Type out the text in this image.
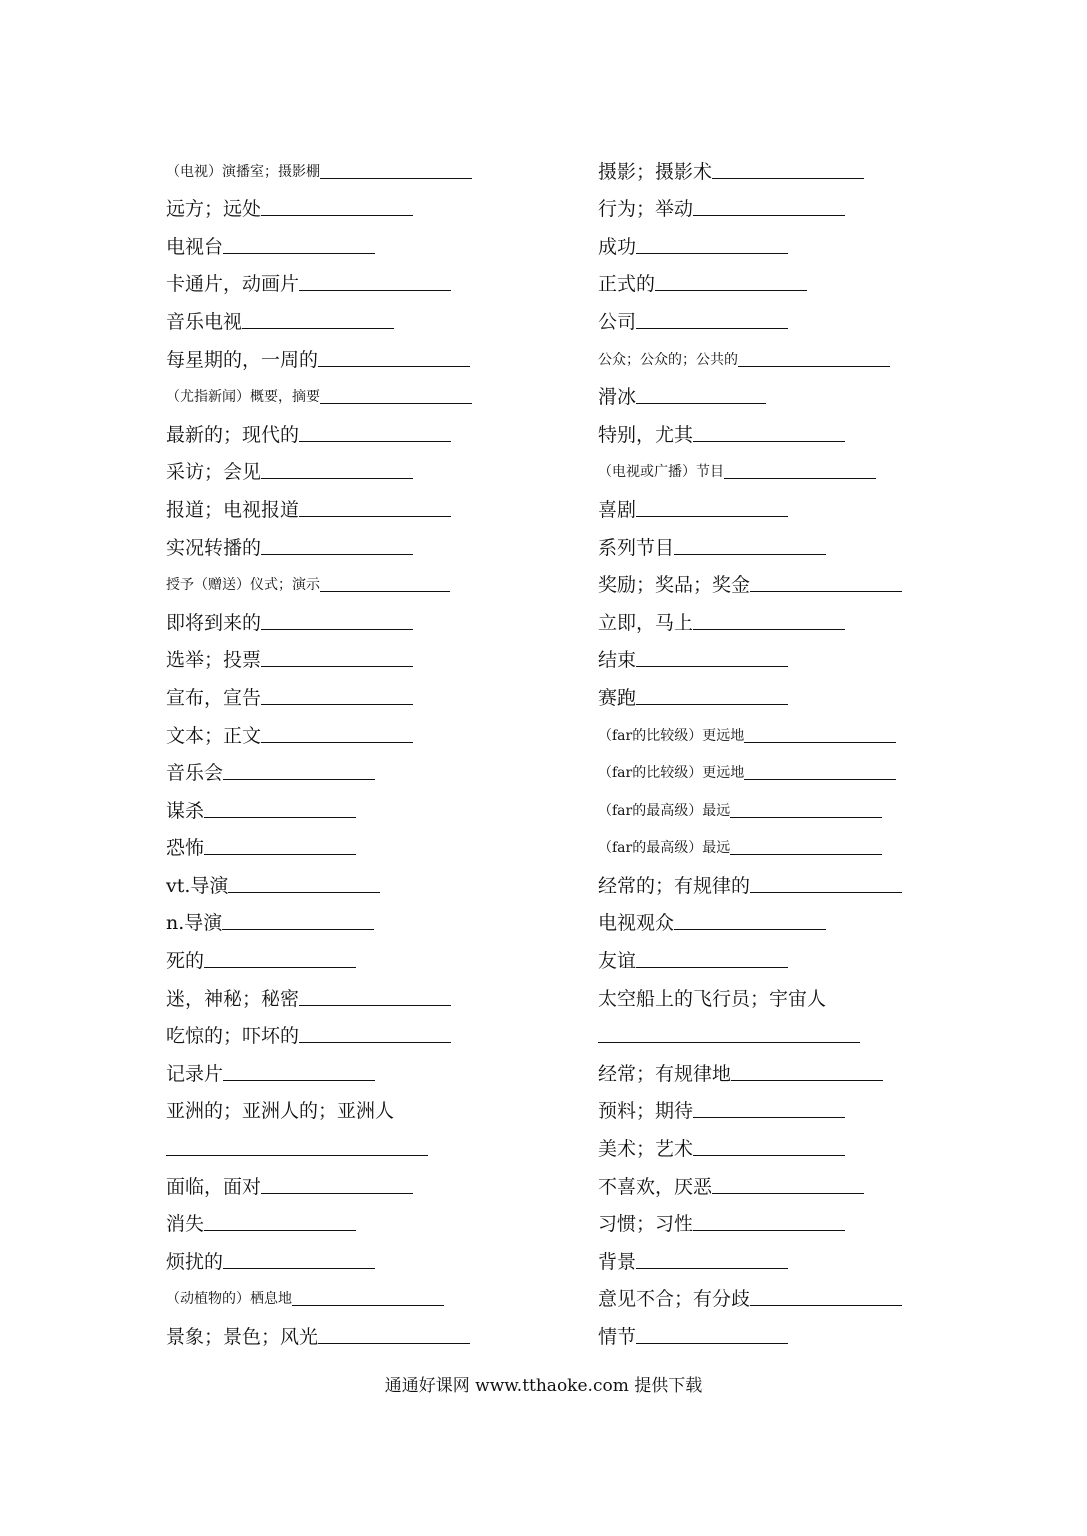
（电视）演播室；摄影棚
远方；远处
电视台
卡通片，动画片
音乐电视
每星期的，一周的
（尤指新闻）概要，摘要
最新的；现代的
采访；会见
报道；电视报道
实况转播的
授予（赠送）仪式；演示
即将到来的
选举；投票
宣布，宣告
文本；正文
音乐会
谋杀
恐怖
vt.导演
n.导演
死的
迷，神秘；秘密
吃惊的；吓坏的
记录片
亚洲的；亚洲人的；亚洲人
面临，面对
消失
烦扰的
（动植物的）栖息地
景象；景色；风光
摄影；摄影术
行为；举动
成功
正式的
公司
公众；公众的；公共的
滑冰
特别，尤其
（电视或广播）节目
喜剧
系列节目
奖励；奖品；奖金
立即，马上
结束
赛跑
（far的比较级）更远地
（far的比较级）更远地
（far的最高级）最远
（far的最高级）最远
经常的；有规律的
电视观众
友谊
太空船上的飞行员；宇宙人
经常；有规律地
预料；期待
美术；艺术
不喜欢，厌恶
习惯；习性
背景
意见不合；有分歧
情节
通通好课网 www.tthaoke.com 提供下载
